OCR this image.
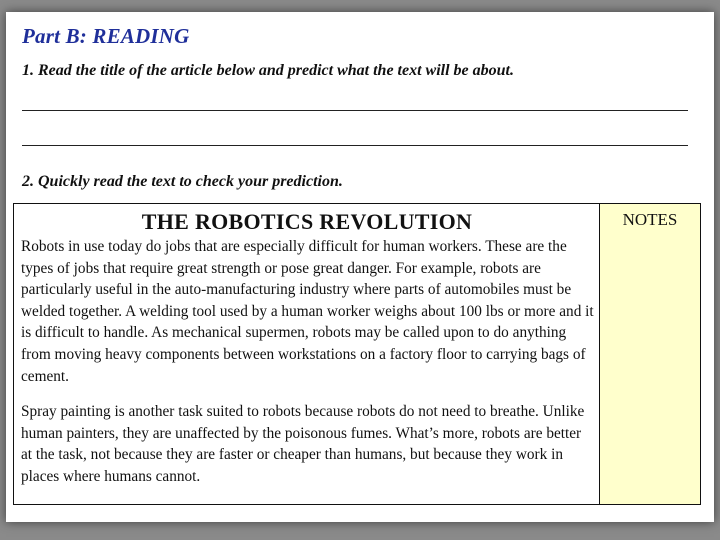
Part B: READING
1. Read the title of the article below and predict what the text will be about.
2. Quickly read the text to check your prediction.
THE ROBOTICS REVOLUTION

Robots in use today do jobs that are especially difficult for human workers. These are the types of jobs that require great strength or pose great danger. For example, robots are particularly useful in the auto-manufacturing industry where parts of automobiles must be welded together. A welding tool used by a human worker weighs about 100 lbs or more and it is difficult to handle. As mechanical supermen, robots may be called upon to do anything from moving heavy components between workstations on a factory floor to carrying bags of cement.

Spray painting is another task suited to robots because robots do not need to breathe. Unlike human painters, they are unaffected by the poisonous fumes. What’s more, robots are better at the task, not because they are faster or cheaper than humans, but because they work in places where humans cannot.

NOTES
